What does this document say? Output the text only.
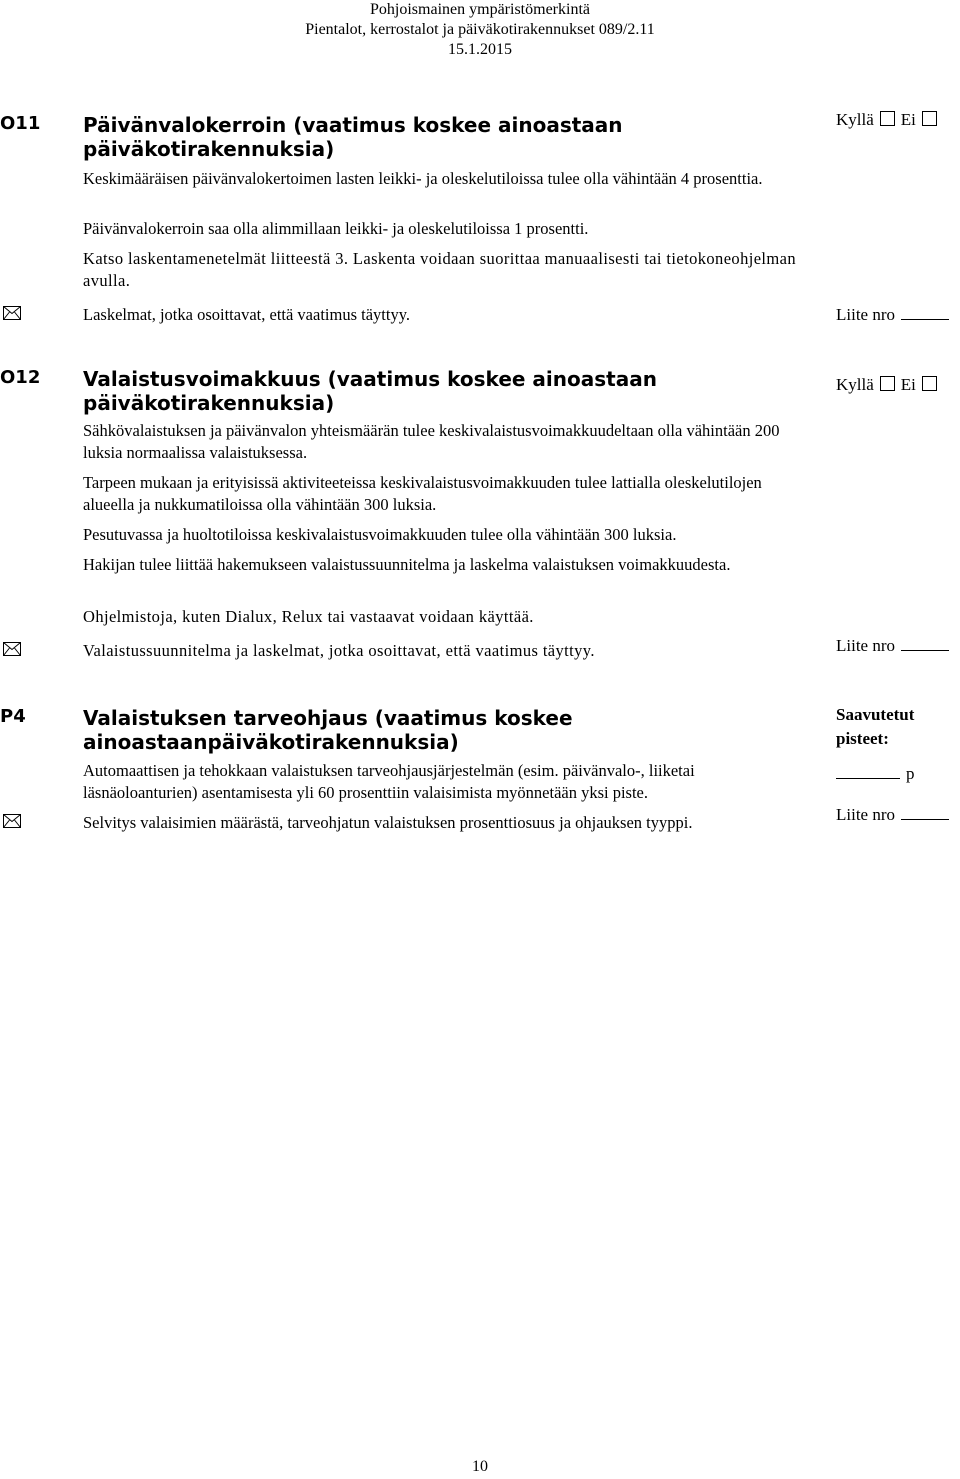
Pohjoismainen ympäristömerkintä
Pientalot, kerrostalot ja päiväkotirakennukset 089/2.11
15.1.2015
O11 Päivänvalokerroin (vaatimus koskee ainoastaan päiväkotirakennuksia)
Kyllä Ei
Keskimääräisen päivänvalokertoimen lasten leikki- ja oleskelutiloissa tulee olla vähintään 4 prosenttia.
Päivänvalokerroin saa olla alimmillaan leikki- ja oleskelutiloissa 1 prosentti.
Katso laskentamenetelmät liitteestä 3. Laskenta voidaan suorittaa manuaalisesti tai tietokoneohjelman avulla.
Laskelmat, jotka osoittavat, että vaatimus täyttyy.	Liite nro
O12 Valaistusvoimakkuus (vaatimus koskee ainoastaan päiväkotirakennuksia)
Kyllä Ei
Sähkövalaistuksen ja päivänvalon yhteismäärän tulee keskivalaistusvoimakkuudeltaan olla vähintään 200 luksia normaalissa valaistuksessa.
Tarpeen mukaan ja erityisissä aktiviteeteissa keskivalaistusvoimakkuuden tulee lattialla oleskelutilojen alueella ja nukkumatiloissa olla vähintään 300 luksia.
Pesutuvassa ja huoltotiloissa keskivalaistusvoimakkuuden tulee olla vähintään 300 luksia.
Hakijan tulee liittää hakemukseen valaistussuunnitelma ja laskelma valaistuksen voimakkuudesta.
Ohjelmistoja, kuten Dialux, Relux tai vastaavat voidaan käyttää.
Valaistussuunnitelma ja laskelmat, jotka osoittavat, että vaatimus täyttyy.	Liite nro
P4	Valaistuksen tarveohjaus (vaatimus koskee ainoastaanpäiväkotirakennuksia)
Saavutetut pisteet:
Automaattisen ja tehokkaan valaistuksen tarveohjausjärjestelmän (esim. päivänvalo-, liiketai läsnäoloanturien) asentamisesta yli 60 prosenttiin valaisimista myönnetään yksi piste.
p
Selvitys valaisimien määrästä, tarveohjatun valaistuksen prosenttiosuus ja ohjauksen tyyppi.	Liite nro
10
